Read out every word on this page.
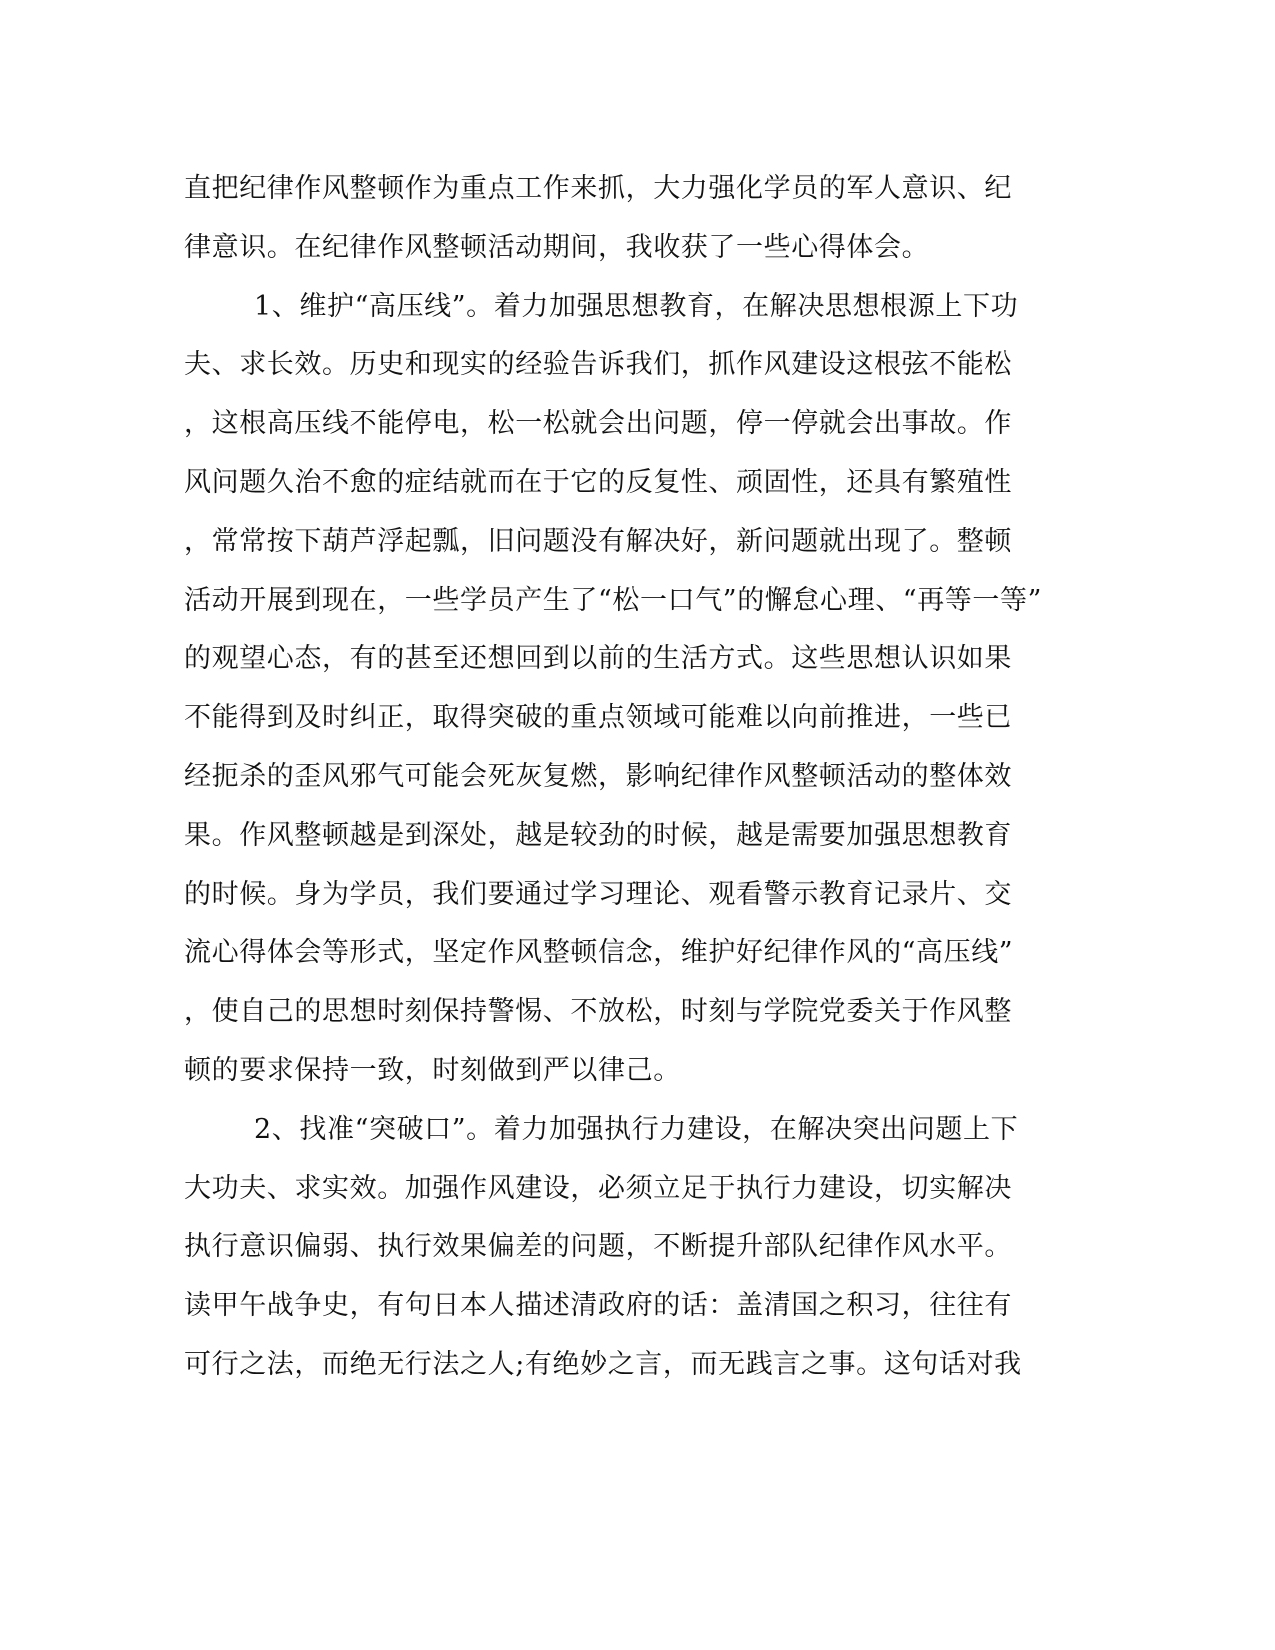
直把纪律作风整顿作为重点工作来抓，大力强化学员的军人意识、纪
律意识。在纪律作风整顿活动期间，我收获了一些心得体会。
1、维护“高压线”。着力加强思想教育，在解决思想根源上下功
夫、求长效。历史和现实的经验告诉我们，抓作风建设这根弦不能松
，这根高压线不能停电，松一松就会出问题，停一停就会出事故。作
风问题久治不愈的症结就而在于它的反复性、顽固性，还具有繁殖性
，常常按下葫芦浮起瓢，旧问题没有解决好，新问题就出现了。整顿
活动开展到现在，一些学员产生了“松一口气”的懈怠心理、“再等一等”
的观望心态，有的甚至还想回到以前的生活方式。这些思想认识如果
不能得到及时纠正，取得突破的重点领域可能难以向前推进，一些已
经扼杀的歪风邪气可能会死灰复燃，影响纪律作风整顿活动的整体效
果。作风整顿越是到深处，越是较劲的时候，越是需要加强思想教育
的时候。身为学员，我们要通过学习理论、观看警示教育记录片、交
流心得体会等形式，坚定作风整顿信念，维护好纪律作风的“高压线”
，使自己的思想时刻保持警惕、不放松，时刻与学院党委关于作风整
顿的要求保持一致，时刻做到严以律己。
2、找准“突破口”。着力加强执行力建设，在解决突出问题上下
大功夫、求实效。加强作风建设，必须立足于执行力建设，切实解决
执行意识偏弱、执行效果偏差的问题，不断提升部队纪律作风水平。
读甲午战争史，有句日本人描述清政府的话：盖清国之积习，往往有
可行之法，而绝无行法之人;有绝妙之言，而无践言之事。这句话对我
